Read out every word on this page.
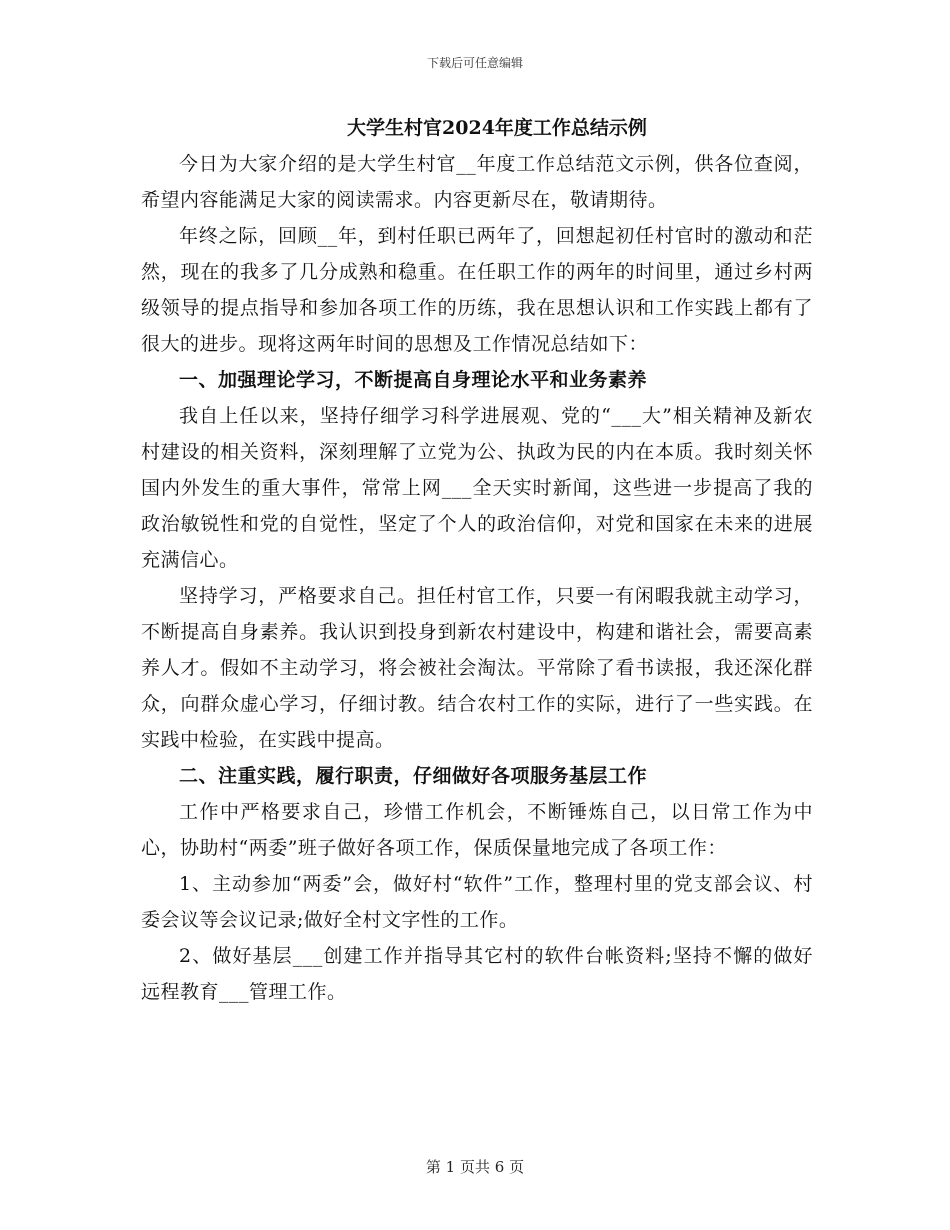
下载后可任意编辑
大学生村官2024年度工作总结示例

今日为大家介绍的是大学生村官__年度工作总结范文示例，供各位查阅，希望内容能满足大家的阅读需求。内容更新尽在，敬请期待。

年终之际，回顾__年，到村任职已两年了，回想起初任村官时的激动和茫然，现在的我多了几分成熟和稳重。在任职工作的两年的时间里，通过乡村两级领导的提点指导和参加各项工作的历练，我在思想认识和工作实践上都有了很大的进步。现将这两年时间的思想及工作情况总结如下：

一、加强理论学习，不断提高自身理论水平和业务素养

我自上任以来，坚持仔细学习科学进展观、党的“___大”相关精神及新农村建设的相关资料，深刻理解了立党为公、执政为民的内在本质。我时刻关怀国内外发生的重大事件，常常上网___全天实时新闻，这些进一步提高了我的政治敏锐性和党的自觉性，坚定了个人的政治信仰，对党和国家在未来的进展充满信心。

坚持学习，严格要求自己。担任村官工作，只要一有闲暇我就主动学习，不断提高自身素养。我认识到投身到新农村建设中，构建和谐社会，需要高素养人才。假如不主动学习，将会被社会淘汰。平常除了看书读报，我还深化群众，向群众虚心学习，仔细讨教。结合农村工作的实际，进行了一些实践。在实践中检验，在实践中提高。

二、注重实践，履行职责，仔细做好各项服务基层工作

工作中严格要求自己，珍惜工作机会，不断锤炼自己，以日常工作为中心，协助村“两委”班子做好各项工作，保质保量地完成了各项工作：

1、主动参加“两委”会，做好村“软件”工作，整理村里的党支部会议、村委会议等会议记录;做好全村文字性的工作。

2、做好基层___创建工作并指导其它村的软件台帐资料;坚持不懈的做好远程教育___管理工作。

第 1 页共 6 页
